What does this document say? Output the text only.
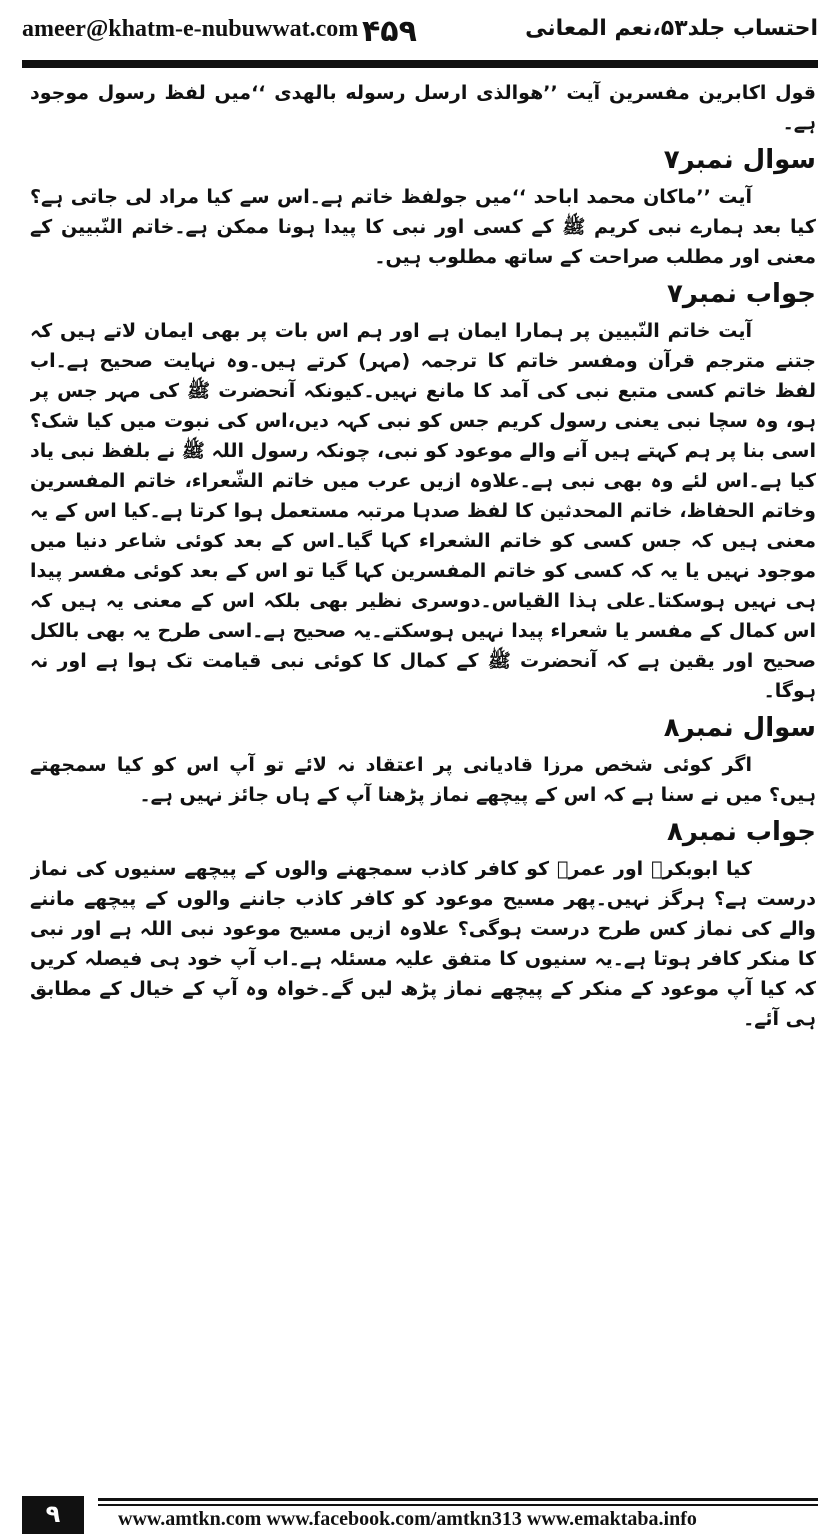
ameer@khatm-e-nubuwwat.com ۴۵۹	احتساب جلد۵۳،نعم المعانی

قول اکابرین مفسرین آیت ’’ھوالذی ارسل رسوله بالھدی ‘‘میں لفظ رسول موجود ہے۔

سوال نمبر۷

آیت ’’ماکان محمد اباحد ‘‘میں جولفظ خاتم ہے۔اس سے کیا مراد لی جاتی ہے؟ کیا بعد ہمارے نبی کریم ﷺ کے کسی اور نبی کا پیدا ہونا ممکن ہے۔خاتم النّبیین کے معنی اور مطلب صراحت کے ساتھ مطلوب ہیں۔

جواب نمبر۷

آیت خاتم النّبیین پر ہمارا ایمان ہے اور ہم اس بات پر بھی ایمان لاتے ہیں کہ جتنے مترجم قرآن ومفسر خاتم کا ترجمہ (مہر) کرتے ہیں۔وہ نہایت صحیح ہے۔اب لفظ خاتم کسی متبع نبی کی آمد کا مانع نہیں۔کیونکہ آنحضرت ﷺ کی مہر جس پر ہو، وہ سچا نبی یعنی رسول کریم جس کو نبی کہہ دیں،اس کی نبوت میں کیا شک؟ اسی بنا پر ہم کہتے ہیں آنے والے موعود کو نبی، چونکہ رسول اللہ ﷺ نے بلفظ نبی یاد کیا ہے۔اس لئے وہ بھی نبی ہے۔علاوہ ازیں عرب میں خاتم الشّعراء، خاتم المفسرین وخاتم الحفاظ، خاتم المحدثین کا لفظ صدہا مرتبہ مستعمل ہوا کرتا ہے۔کیا اس کے یہ معنی ہیں کہ جس کسی کو خاتم الشعراء کہا گیا۔اس کے بعد کوئی شاعر دنیا میں موجود نہیں یا یہ کہ کسی کو خاتم المفسرین کہا گیا تو اس کے بعد کوئی مفسر پیدا ہی نہیں ہوسکتا۔علی ہذا القیاس۔دوسری نظیر بھی بلکہ اس کے معنی یہ ہیں کہ اس کمال کے مفسر یا شعراء پیدا نہیں ہوسکتے۔یہ صحیح ہے۔اسی طرح یہ بھی بالکل صحیح اور یقین ہے کہ آنحضرت ﷺ کے کمال کا کوئی نبی قیامت تک ہوا ہے اور نہ ہوگا۔

سوال نمبر۸

اگر کوئی شخص مرزا قادیانی پر اعتقاد نہ لائے تو آپ اس کو کیا سمجھتے ہیں؟ میں نے سنا ہے کہ اس کے پیچھے نماز پڑھنا آپ کے ہاں جائز نہیں ہے۔

جواب نمبر۸

کیا ابوبکرؓ اور عمرؓ کو کافر کاذب سمجھنے والوں کے پیچھے سنیوں کی نماز درست ہے؟ ہرگز نہیں۔پھر مسیح موعود کو کافر کاذب جاننے والوں کے پیچھے ماننے والے کی نماز کس طرح درست ہوگی؟ علاوہ ازیں مسیح موعود نبی اللہ ہے اور نبی کا منکر کافر ہوتا ہے۔یہ سنیوں کا متفق علیہ مسئلہ ہے۔اب آپ خود ہی فیصلہ کریں کہ کیا آپ موعود کے منکر کے پیچھے نماز پڑھ لیں گے۔خواہ وہ آپ کے خیال کے مطابق ہی آئے۔

۹	www.amtkn.com www.facebook.com/amtkn313 www.emaktaba.info
